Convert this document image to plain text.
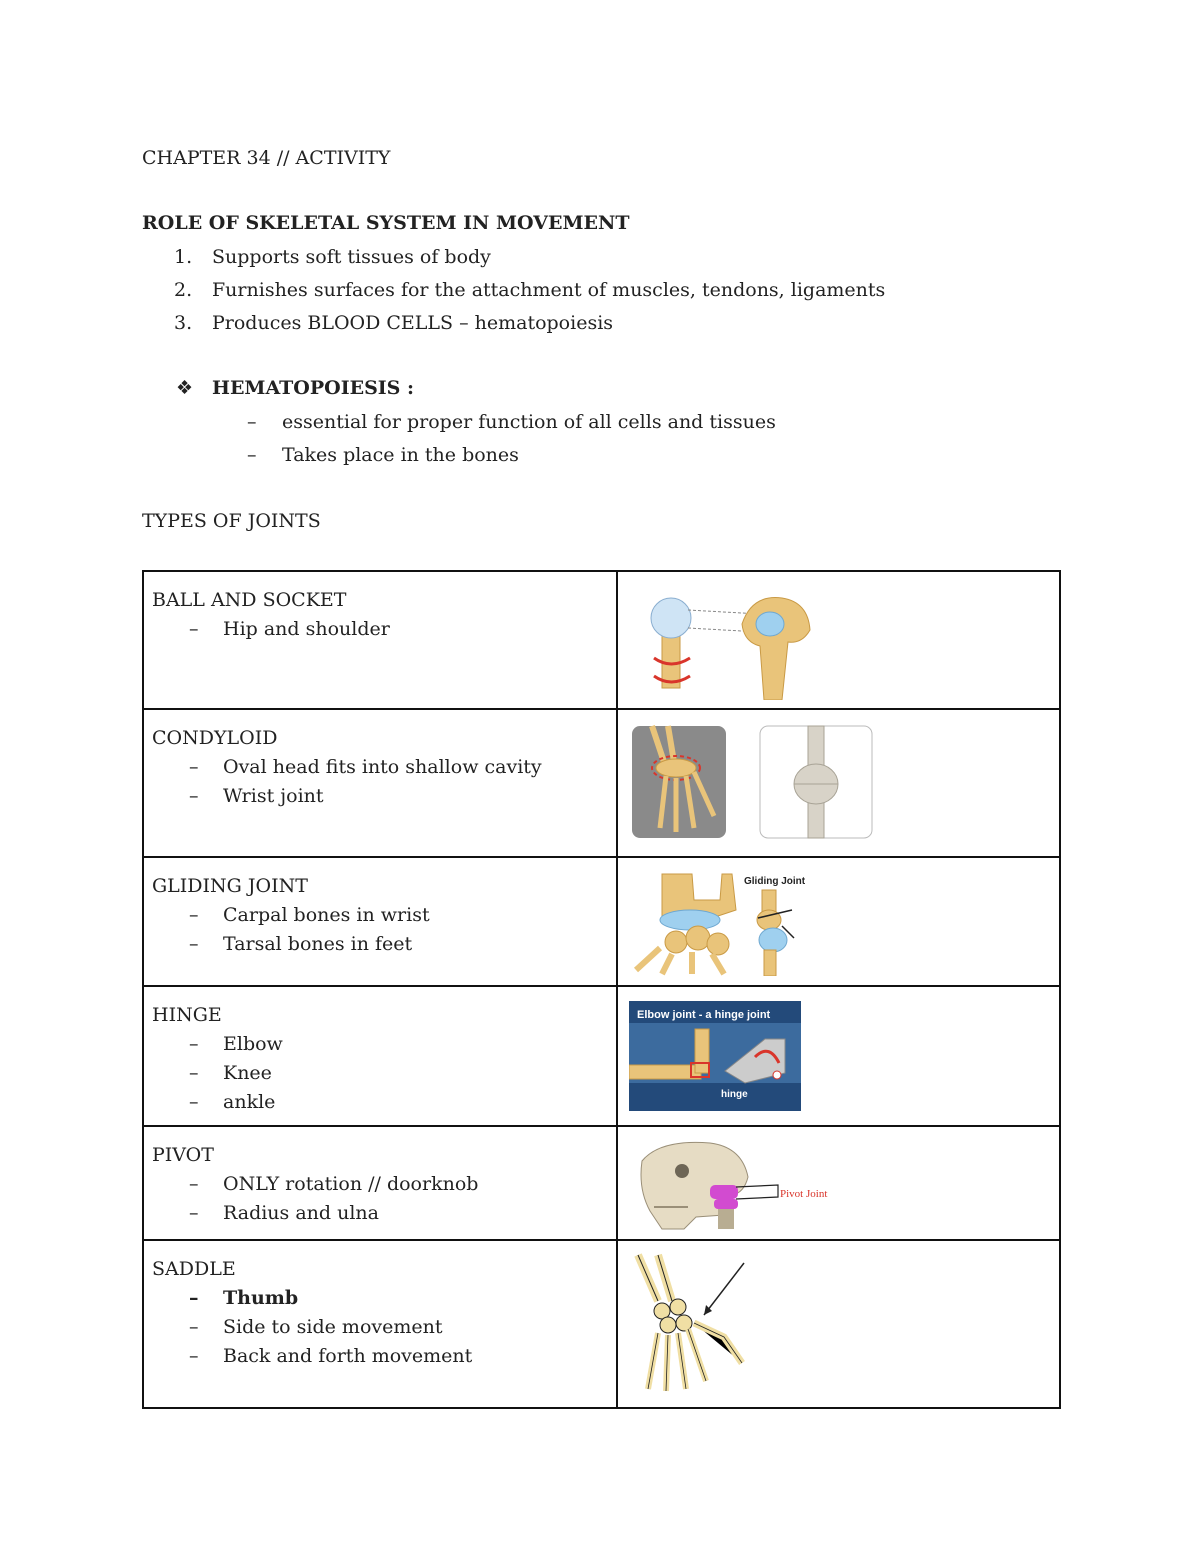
CHAPTER 34 // ACTIVITY
ROLE OF SKELETAL SYSTEM IN MOVEMENT
1. Supports soft tissues of body
2. Furnishes surfaces for the attachment of muscles, tendons, ligaments
3. Produces BLOOD CELLS – hematopoiesis
❖ HEMATOPOIESIS :
– essential for proper function of all cells and tissues
– Takes place in the bones
TYPES OF JOINTS
BALL AND SOCKET
– Hip and shoulder

CONDYLOID
– Oval head fits into shallow cavity
– Wrist joint

GLIDING JOINT
– Carpal bones in wrist
– Tarsal bones in feet	Gliding Joint

HINGE
– Elbow
– Knee
– ankle	Elbow joint - a hinge joint
hinge

PIVOT
– ONLY rotation // doorknob
– Radius and ulna	Pivot Joint

SADDLE
– Thumb
– Side to side movement
– Back and forth movement
